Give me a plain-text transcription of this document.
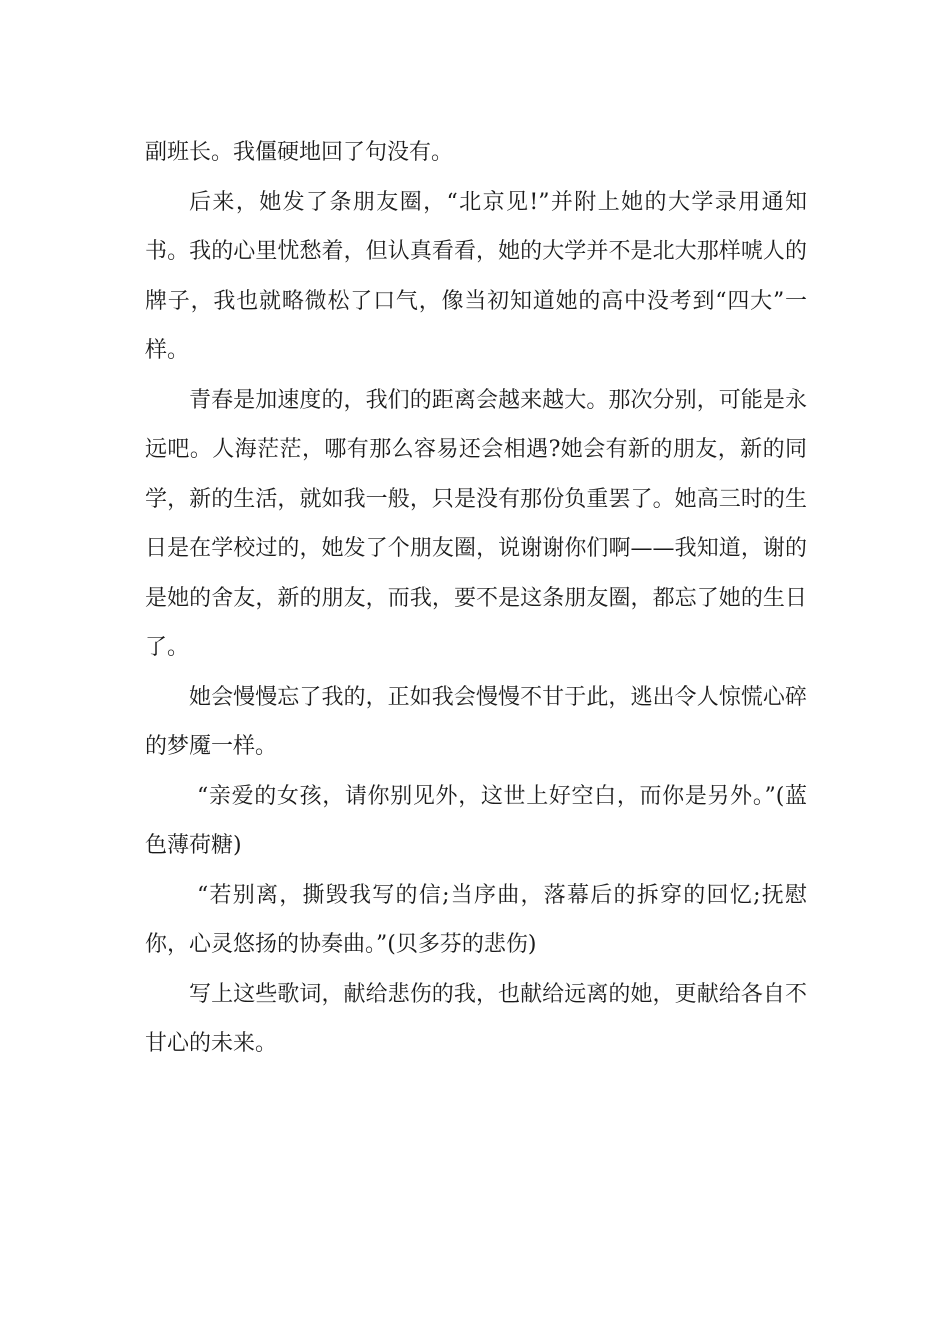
副班长。我僵硬地回了句没有。

后来，她发了条朋友圈，“北京见!”并附上她的大学录用通知书。我的心里忧愁着，但认真看看，她的大学并不是北大那样唬人的牌子，我也就略微松了口气，像当初知道她的高中没考到“四大”一样。

青春是加速度的，我们的距离会越来越大。那次分别，可能是永远吧。人海茫茫，哪有那么容易还会相遇?她会有新的朋友，新的同学，新的生活，就如我一般，只是没有那份负重罢了。她高三时的生日是在学校过的，她发了个朋友圈，说谢谢你们啊——我知道，谢的是她的舍友，新的朋友，而我，要不是这条朋友圈，都忘了她的生日了。

她会慢慢忘了我的，正如我会慢慢不甘于此，逃出令人惊慌心碎的梦魇一样。

“亲爱的女孩，请你别见外，这世上好空白，而你是另外。”(蓝色薄荷糖)

“若别离，撕毁我写的信;当序曲，落幕后的拆穿的回忆;抚慰你，心灵悠扬的协奏曲。”(贝多芬的悲伤)

写上这些歌词，献给悲伤的我，也献给远离的她，更献给各自不甘心的未来。
